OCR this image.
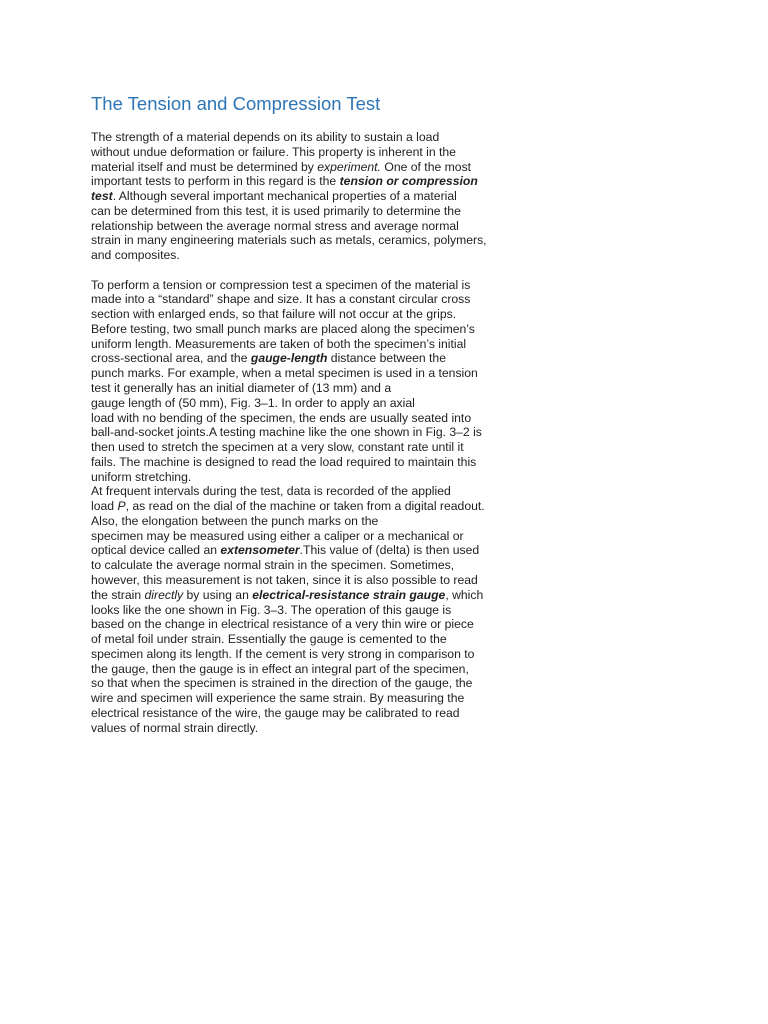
The Tension and Compression Test
The strength of a material depends on its ability to sustain a load
without undue deformation or failure. This property is inherent in the
material itself and must be determined by experiment. One of the most
important tests to perform in this regard is the tension or compression
test. Although several important mechanical properties of a material
can be determined from this test, it is used primarily to determine the
relationship between the average normal stress and average normal
strain in many engineering materials such as metals, ceramics, polymers,
and composites.
To perform a tension or compression test a specimen of the material is
made into a “standard” shape and size. It has a constant circular cross
section with enlarged ends, so that failure will not occur at the grips.
Before testing, two small punch marks are placed along the specimen’s
uniform length. Measurements are taken of both the specimen’s initial
cross-sectional area, and the gauge-length distance between the
punch marks. For example, when a metal specimen is used in a tension
test it generally has an initial diameter of (13 mm) and a
gauge length of (50 mm), Fig. 3–1. In order to apply an axial
load with no bending of the specimen, the ends are usually seated into
ball-and-socket joints.A testing machine like the one shown in Fig. 3–2 is
then used to stretch the specimen at a very slow, constant rate until it
fails. The machine is designed to read the load required to maintain this
uniform stretching.
At frequent intervals during the test, data is recorded of the applied
load P, as read on the dial of the machine or taken from a digital readout.
Also, the elongation between the punch marks on the
specimen may be measured using either a caliper or a mechanical or
optical device called an extensometer.This value of (delta) is then used
to calculate the average normal strain in the specimen. Sometimes,
however, this measurement is not taken, since it is also possible to read
the strain directly by using an electrical-resistance strain gauge, which
looks like the one shown in Fig. 3–3. The operation of this gauge is
based on the change in electrical resistance of a very thin wire or piece
of metal foil under strain. Essentially the gauge is cemented to the
specimen along its length. If the cement is very strong in comparison to
the gauge, then the gauge is in effect an integral part of the specimen,
so that when the specimen is strained in the direction of the gauge, the
wire and specimen will experience the same strain. By measuring the
electrical resistance of the wire, the gauge may be calibrated to read
values of normal strain directly.
